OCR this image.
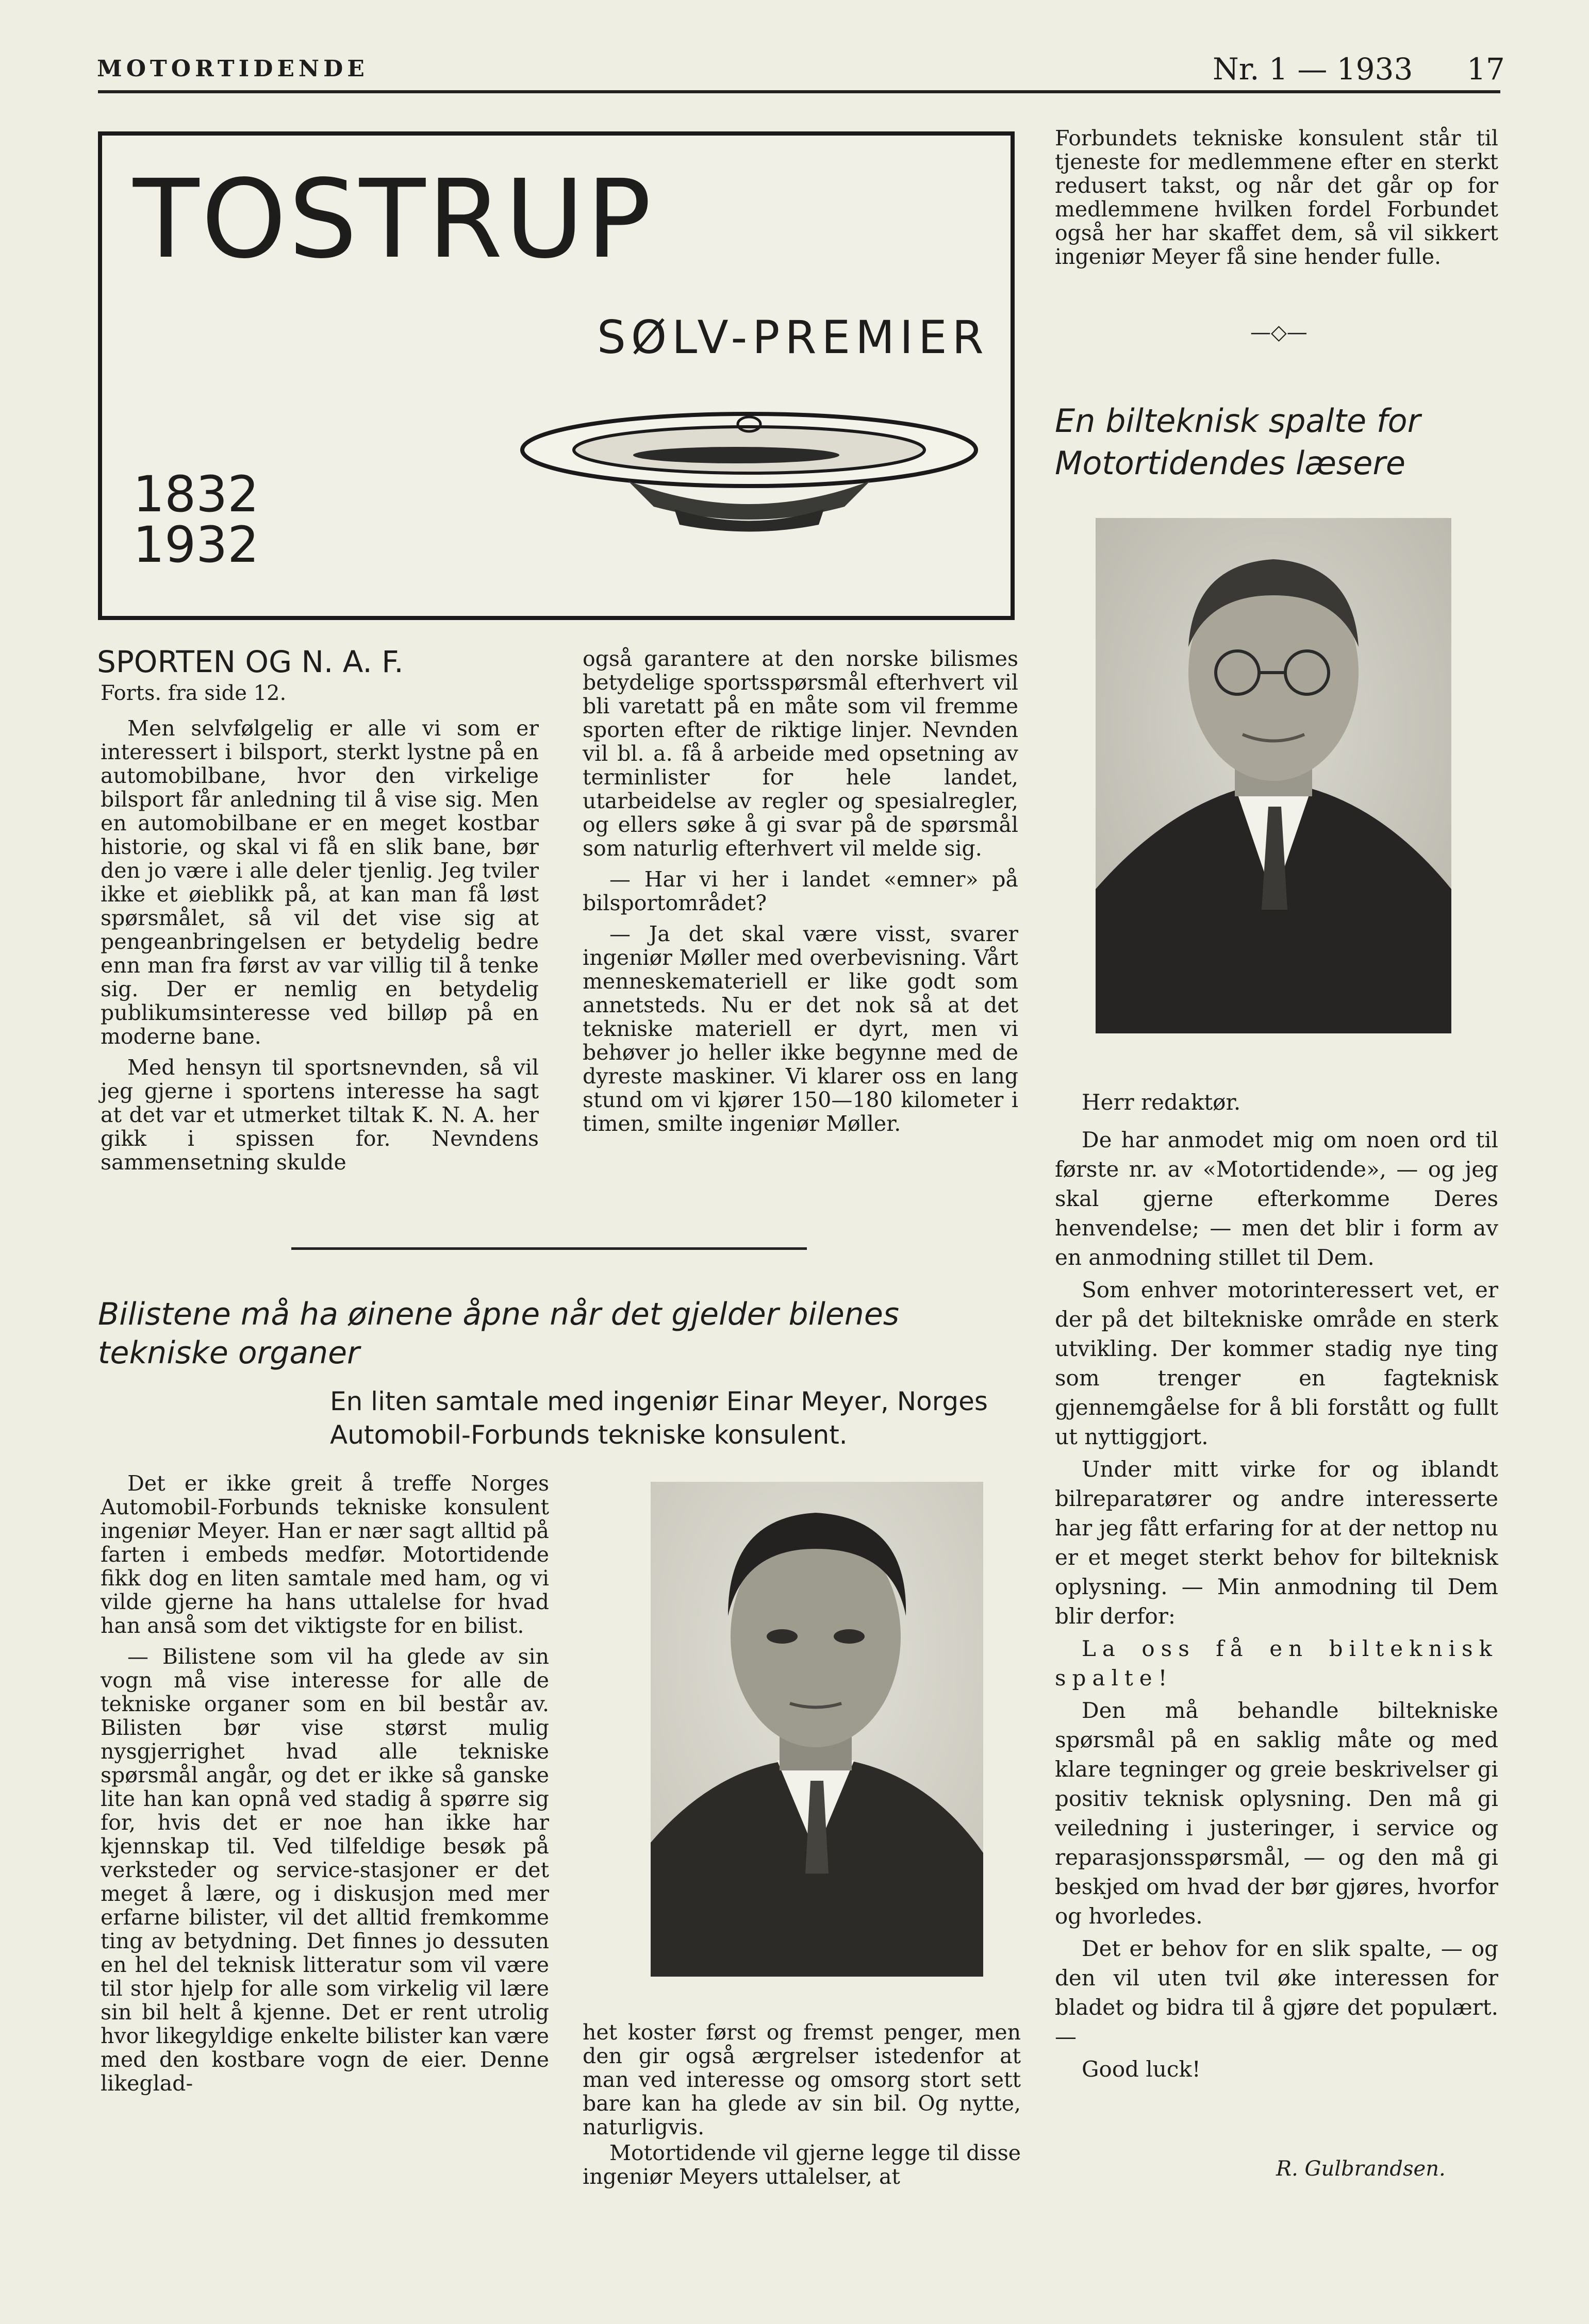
MOTORTIDENDE	Nr. 1 — 1933 17
TOSTRUP
SØLV-PREMIER
1832
1932

Forbundets tekniske konsulent står til tjeneste for medlemmene efter en sterkt redusert takst, og når det går op for medlemmene hvilken fordel Forbundet også her har skaffet dem, så vil sikkert ingeniør Meyer få sine hender fulle.

—◇—
En bilteknisk spalte for
Motortidendes læsere

Herr redaktør.

De har anmodet mig om noen ord til første nr. av «Motortidende», — og jeg skal gjerne efterkomme Deres henvendelse; — men det blir i form av en anmodning stillet til Dem.

Som enhver motorinteressert vet, er der på det biltekniske område en sterk utvikling. Der kommer stadig nye ting som trenger en fagteknisk gjennemgåelse for å bli forstått og fullt ut nyttiggjort.

Under mitt virke for og iblandt bilreparatører og andre interesserte har jeg fått erfaring for at der nettop nu er et meget sterkt behov for bilteknisk oplysning. — Min anmodning til Dem blir derfor:

La oss få en bilteknisk spalte!

Den må behandle biltekniske spørsmål på en saklig måte og med klare tegninger og greie beskrivelser gi positiv teknisk oplysning. Den må gi veiledning i justeringer, i service og reparasjonsspørsmål, — og den må gi beskjed om hvad der bør gjøres, hvorfor og hvorledes.

Det er behov for en slik spalte, — og den vil uten tvil øke interessen for bladet og bidra til å gjøre det populært. —

Good luck!

R. Gulbrandsen.
SPORTEN OG N. A. F.
Forts. fra side 12.

Men selvfølgelig er alle vi som er interessert i bilsport, sterkt lystne på en automobilbane, hvor den virkelige bilsport får anledning til å vise sig. Men en automobilbane er en meget kostbar historie, og skal vi få en slik bane, bør den jo være i alle deler tjenlig. Jeg tviler ikke et øieblikk på, at kan man få løst spørsmålet, så vil det vise sig at pengeanbringelsen er betydelig bedre enn man fra først av var villig til å tenke sig. Der er nemlig en betydelig publikumsinteresse ved billøp på en moderne bane.

Med hensyn til sportsnevnden, så vil jeg gjerne i sportens interesse ha sagt at det var et utmerket tiltak K. N. A. her gikk i spissen for. Nevndens sammensetning skulde

også garantere at den norske bilismes betydelige sportsspørsmål efterhvert vil bli varetatt på en måte som vil fremme sporten efter de riktige linjer. Nevnden vil bl. a. få å arbeide med opsetning av terminlister for hele landet, utarbeidelse av regler og spesialregler, og ellers søke å gi svar på de spørsmål som naturlig efterhvert vil melde sig.

— Har vi her i landet «emner» på bilsportområdet?

— Ja det skal være visst, svarer ingeniør Møller med overbevisning. Vårt menneskemateriell er like godt som annetsteds. Nu er det nok så at det tekniske materiell er dyrt, men vi behøver jo heller ikke begynne med de dyreste maskiner. Vi klarer oss en lang stund om vi kjører 150—180 kilometer i timen, smilte ingeniør Møller.

Bilistene må ha øinene åpne når det gjelder bilenes
tekniske organer
En liten samtale med ingeniør Einar Meyer, Norges
Automobil-Forbunds tekniske konsulent.

Det er ikke greit å treffe Norges Automobil-Forbunds tekniske konsulent ingeniør Meyer. Han er nær sagt alltid på farten i embeds medfør. Motortidende fikk dog en liten samtale med ham, og vi vilde gjerne ha hans uttalelse for hvad han anså som det viktigste for en bilist.

— Bilistene som vil ha glede av sin vogn må vise interesse for alle de tekniske organer som en bil består av. Bilisten bør vise størst mulig nysgjerrighet hvad alle tekniske spørsmål angår, og det er ikke så ganske lite han kan opnå ved stadig å spørre sig for, hvis det er noe han ikke har kjennskap til. Ved tilfeldige besøk på verksteder og service-stasjoner er det meget å lære, og i diskusjon med mer erfarne bilister, vil det alltid fremkomme ting av betydning. Det finnes jo dessuten en hel del teknisk litteratur som vil være til stor hjelp for alle som virkelig vil lære sin bil helt å kjenne. Det er rent utrolig hvor likegyldige enkelte bilister kan være med den kostbare vogn de eier. Denne likeglad-

het koster først og fremst penger, men den gir også ærgrelser istedenfor at man ved interesse og omsorg stort sett bare kan ha glede av sin bil. Og nytte, naturligvis.

Motortidende vil gjerne legge til disse ingeniør Meyers uttalelser, at
